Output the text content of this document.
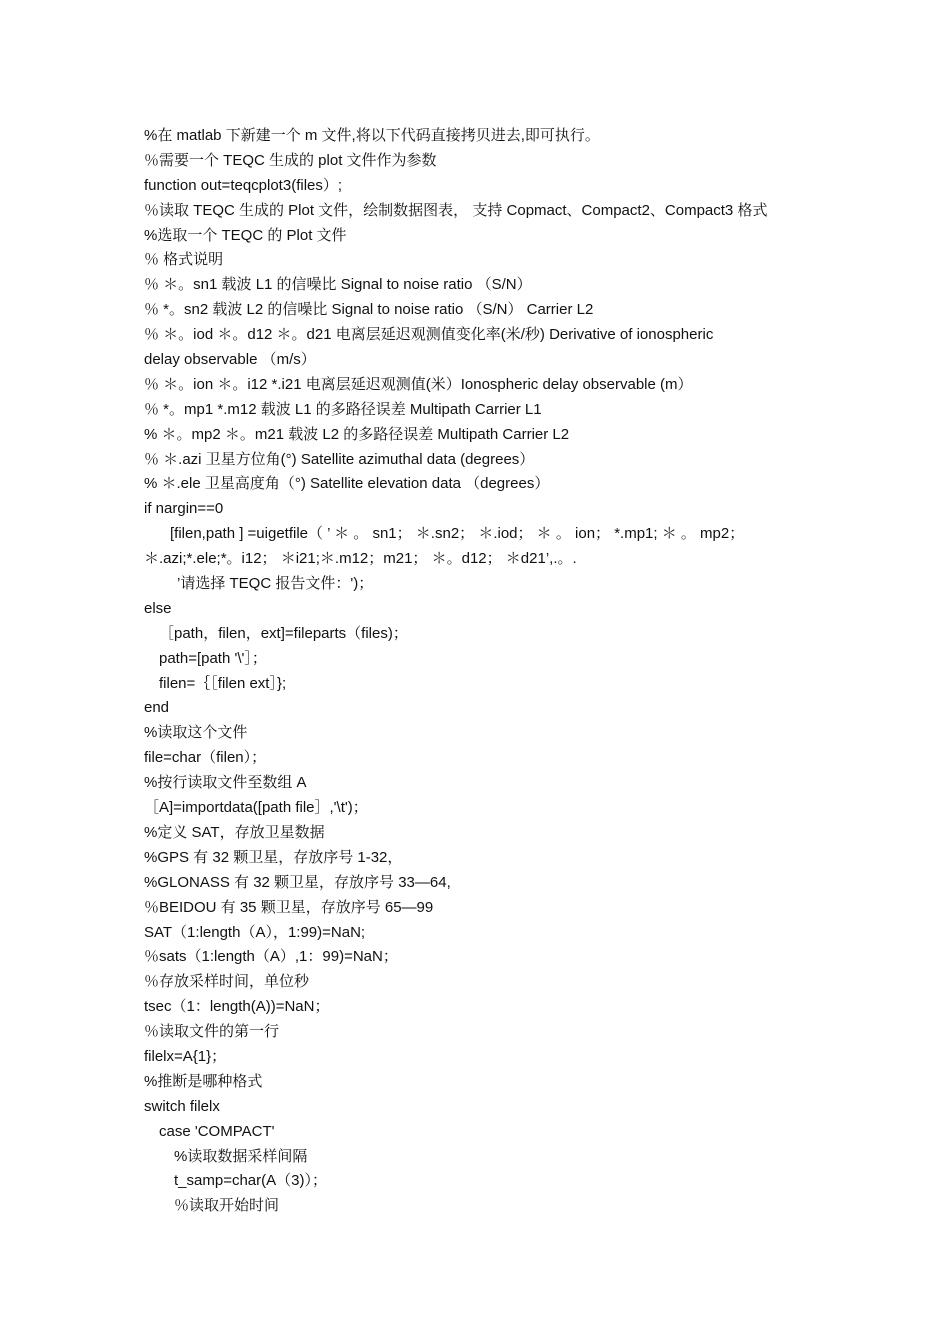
%在 matlab 下新建一个 m 文件,将以下代码直接拷贝进去,即可执行。
％需要一个 TEQC 生成的 plot 文件作为参数
function out=teqcplot3(files）;
％读取 TEQC 生成的 Plot 文件，绘制数据图表， 支持 Copmact、Compact2、Compact3 格式
%选取一个 TEQC 的 Plot 文件
％ 格式说明
％ ＊。sn1 载波 L1 的信噪比 Signal to noise ratio （S/N）
％ *。sn2 载波 L2 的信噪比 Signal to noise ratio （S/N） Carrier L2
％ ＊。iod ＊。d12 ＊。d21 电离层延迟观测值变化率(米/秒) Derivative of ionospheric
delay observable （m/s）
％ ＊。ion ＊。i12 *.i21 电离层延迟观测值(米）Ionospheric delay observable (m）
％ *。mp1 *.m12 载波 L1 的多路径误差 Multipath Carrier L1
% ＊。mp2 ＊。m21 载波 L2 的多路径误差 Multipath Carrier L2
％ ＊.azi 卫星方位角(°) Satellite azimuthal data (degrees）
% ＊.ele 卫星高度角（°) Satellite elevation data （degrees）
if nargin==0
[filen,path ] =uigetfile（ ’ ＊ 。 sn1； ＊.sn2； ＊.iod； ＊ 。 ion； *.mp1; ＊ 。 mp2；
＊.azi;*.ele;*。i12； ＊i21;＊.m12；m21； ＊。d12； ＊d21’,.。.
’请选择 TEQC 报告文件：')；
else
［path，filen，ext]=fileparts（files)；
path=[path '\'］；
filen=｛［filen ext］};
end
%读取这个文件
file=char（filen）；
%按行读取文件至数组 A
［A]=importdata([path file］,'\t')；
%定义 SAT，存放卫星数据
%GPS 有 32 颗卫星，存放序号 1-32，
%GLONASS 有 32 颗卫星，存放序号 33—64,
％BEIDOU 有 35 颗卫星，存放序号 65—99
SAT（1:length（A），1:99)=NaN;
％sats（1:length（A）,1：99)=NaN；
％存放采样时间，单位秒
tsec（1：length(A))=NaN；
％读取文件的第一行
filelx=A{1}；
%推断是哪种格式
switch filelx
case 'COMPACT'
%读取数据采样间隔
t_samp=char(A（3)）；
％读取开始时间
